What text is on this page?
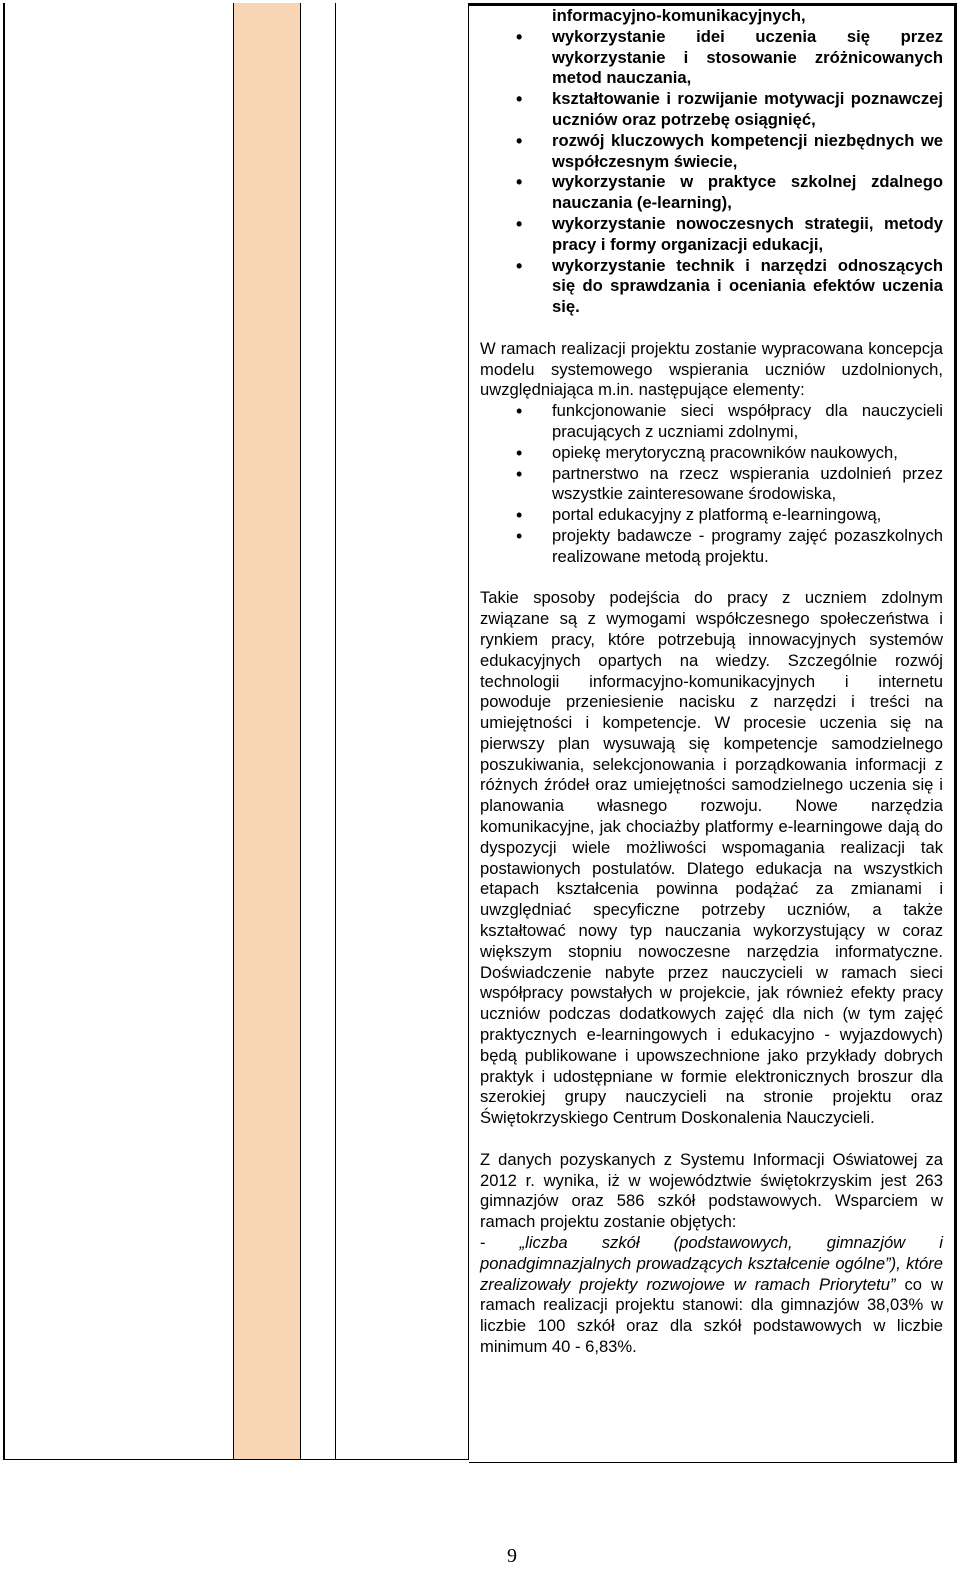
informacyjno-komunikacyjnych,
• wykorzystanie idei uczenia się przez wykorzystanie i stosowanie zróżnicowanych metod nauczania,
• kształtowanie i rozwijanie motywacji poznawczej uczniów oraz potrzebę osiągnięć,
• rozwój kluczowych kompetencji niezbędnych we współczesnym świecie,
• wykorzystanie w praktyce szkolnej zdalnego nauczania (e-learning),
• wykorzystanie nowoczesnych strategii, metody pracy i formy organizacji edukacji,
• wykorzystanie technik i narzędzi odnoszących się do sprawdzania i oceniania efektów uczenia się.

W ramach realizacji projektu zostanie wypracowana koncepcja modelu systemowego wspierania uczniów uzdolnionych, uwzględniająca m.in. następujące elementy:

• funkcjonowanie sieci współpracy dla nauczycieli pracujących z uczniami zdolnymi,
• opiekę merytoryczną pracowników naukowych,
• partnerstwo na rzecz wspierania uzdolnień przez wszystkie zainteresowane środowiska,
• portal edukacyjny z platformą e-learningową,
• projekty badawcze - programy zajęć pozaszkolnych realizowane metodą projektu.

Takie sposoby podejścia do pracy z uczniem zdolnym związane są z wymogami współczesnego społeczeństwa i rynkiem pracy, które potrzebują innowacyjnych systemów edukacyjnych opartych na wiedzy. Szczególnie rozwój technologii informacyjno-komunikacyjnych i internetu powoduje przeniesienie nacisku z narzędzi i treści na umiejętności i kompetencje. W procesie uczenia się na pierwszy plan wysuwają się kompetencje samodzielnego poszukiwania, selekcjonowania i porządkowania informacji z różnych źródeł oraz umiejętności samodzielnego uczenia się i planowania własnego rozwoju. Nowe narzędzia komunikacyjne, jak chociażby platformy e-learningowe dają do dyspozycji wiele możliwości wspomagania realizacji tak postawionych postulatów. Dlatego edukacja na wszystkich etapach kształcenia powinna podążać za zmianami i uwzględniać specyficzne potrzeby uczniów, a także kształtować nowy typ nauczania wykorzystujący w coraz większym stopniu nowoczesne narzędzia informatyczne. Doświadczenie nabyte przez nauczycieli w ramach sieci współpracy powstałych w projekcie, jak również efekty pracy uczniów podczas dodatkowych zajęć dla nich (w tym zajęć praktycznych e-learningowych i edukacyjno - wyjazdowych) będą publikowane i upowszechnione jako przykłady dobrych praktyk i udostępniane w formie elektronicznych broszur dla szerokiej grupy nauczycieli na stronie projektu oraz Świętokrzyskiego Centrum Doskonalenia Nauczycieli.

Z danych pozyskanych z Systemu Informacji Oświatowej za 2012 r. wynika, iż w województwie świętokrzyskim jest 263 gimnazjów oraz 586 szkół podstawowych. Wsparciem w ramach projektu zostanie objętych:
- „liczba szkół (podstawowych, gimnazjów i ponadgimnazjalnych prowadzących kształcenie ogólne”), które zrealizowały projekty rozwojowe w ramach Priorytetu” co w ramach realizacji projektu stanowi: dla gimnazjów 38,03% w liczbie 100 szkół oraz dla szkół podstawowych w liczbie minimum 40 - 6,83%.

9
